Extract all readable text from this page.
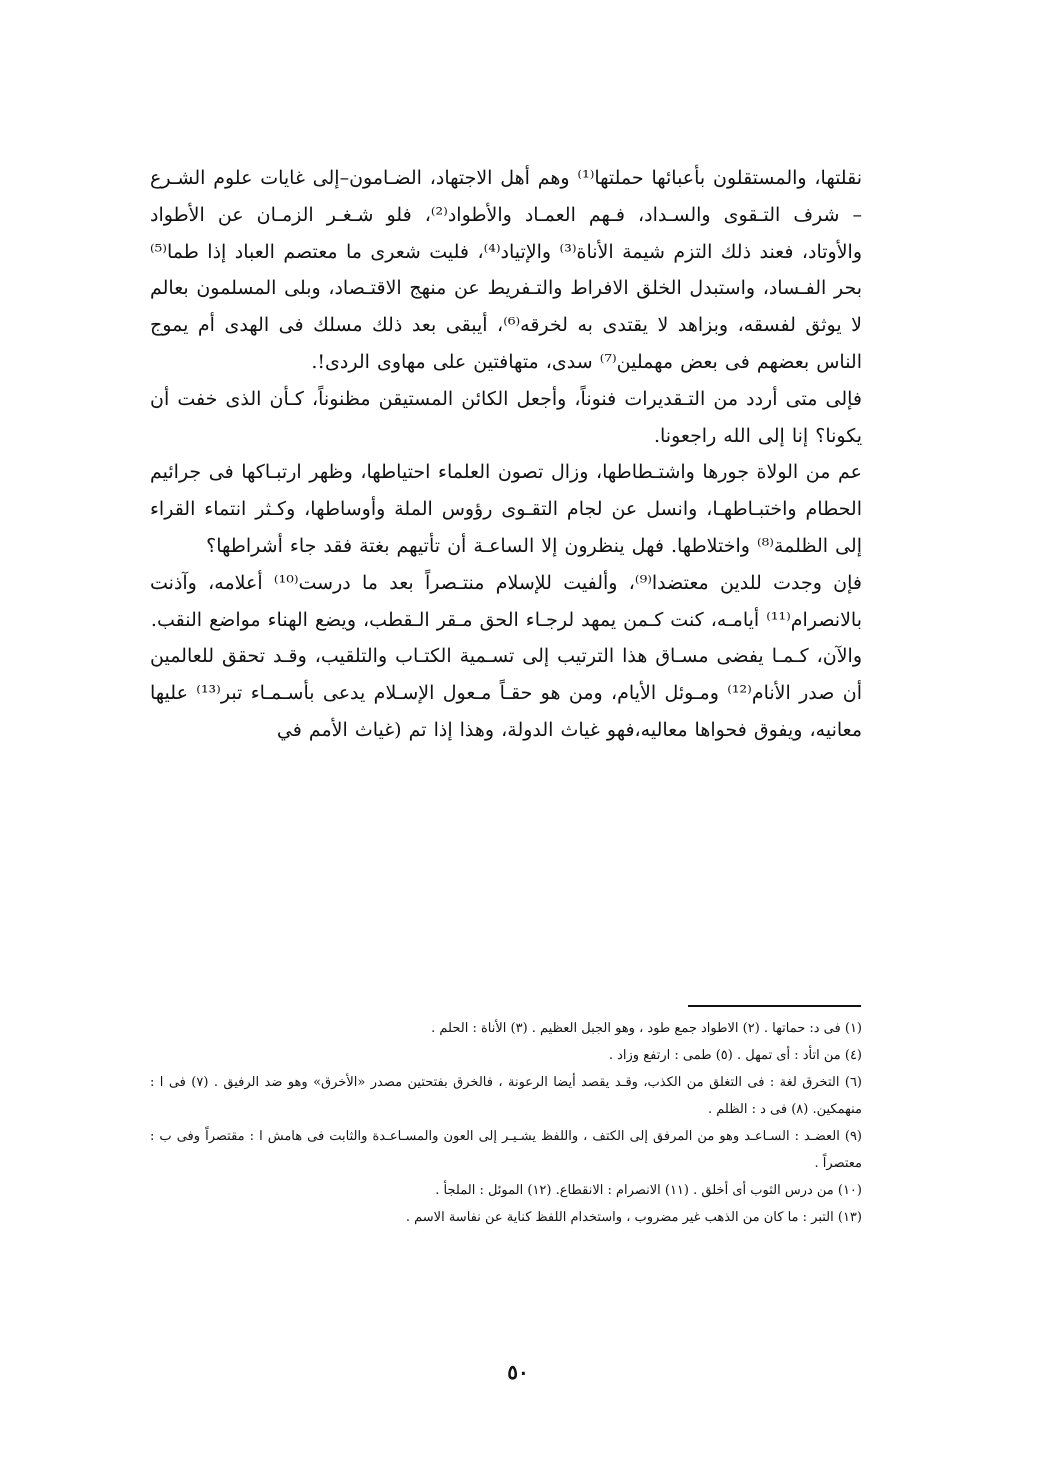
نقلتها، والمستقلون بأعبائها حملتها⁽¹⁾ وهم أهل الاجتهاد، الضـامون–إلى غايات علوم الشـرع – شرف التـقوى والسـداد، فـهم العمـاد والأطواد⁽²⁾، فلو شـغـر الزمـان عن الأطواد والأوتاد، فعند ذلك التزم شيمة الأناة⁽³⁾ والإتياد⁽⁴⁾، فليت شعرى ما معتصم العباد إذا طما⁽⁵⁾ بحر الفـساد، واستبدل الخلق الافراط والتـفريط عن منهج الاقتـصاد، وبلى المسلمون بعالم لا يوثق لفسقه، وبزاهد لا يقتدى به لخرقه⁽⁶⁾، أيبقى بعد ذلك مسلك فى الهدى أم يموج الناس بعضهم فى بعض مهملين⁽⁷⁾ سدى، متهافتين على مهاوى الردى!.

فإلى متى أردد من التـقديرات فنوناً، وأجعل الكائن المستيقن مظنوناً، كـأن الذى خفت أن يكونا؟ إنا إلى الله راجعونا.

عم من الولاة جورها واشتـطاطها، وزال تصون العلماء احتياطها، وظهر ارتبـاكها فى جرائيم الحطام واختبـاطهـا، وانسل عن لجام التقـوى رؤوس الملة وأوساطها، وكـثر انتماء القراء إلى الظلمة⁽⁸⁾ واختلاطها. فهل ينظرون إلا الساعـة أن تأتيهم بغتة فقد جاء أشراطها؟

فإن وجدت للدين معتضدا⁽⁹⁾، وألفيت للإسلام منتـصراً بعد ما درست⁽¹⁰⁾ أعلامه، وآذنت بالانصرام⁽¹¹⁾ أيامـه، كنت كـمن يمهد لرجـاء الحق مـقر الـقطب، ويضع الهناء مواضع النقب.

والآن، كـمـا يفضى مسـاق هذا الترتيب إلى تسـمية الكتـاب والتلقيب، وقـد تحقق للعالمين أن صدر الأنام⁽¹²⁾ ومـوئل الأيام، ومن هو حقـاً مـعول الإسـلام يدعى بأسـمـاء تبر⁽¹³⁾ عليها معانيه، ويفوق فحواها معاليه،فهو غياث الدولة، وهذا إذا تم (غياث الأمم في

(١) فى د: حماتها . (٢) الاطواد جمع طود ، وهو الجبل العظيم . (٣) الأناة : الحلم .

(٤) من اتأد : أى تمهل . (٥) طمى : ارتفع وزاد .

(٦) التخرق لغة : فى التغلق من الكذب، وقـد يقصد أيضا الرعونة ، فالخرق بفتحتين مصدر «الأخرق» وهو ضد الرفيق . (٧) فى ا : منهمكين. (٨) فى د : الظلم .

(٩) العضـد : السـاعـد وهو من المرفق إلى الكتف ، واللفظ يشـيـر إلى العون والمسـاعـدة والثابت فى هامش ا : مقتصراً وفى ب : معتصراً .

(١٠) من درس الثوب أى أخلق . (١١) الانصرام : الانقطاع. (١٢) الموئل : الملجأ .

(١٣) التبر : ما كان من الذهب غير مضروب ، واستخدام اللفظ كناية عن نفاسة الاسم .

٥٠
